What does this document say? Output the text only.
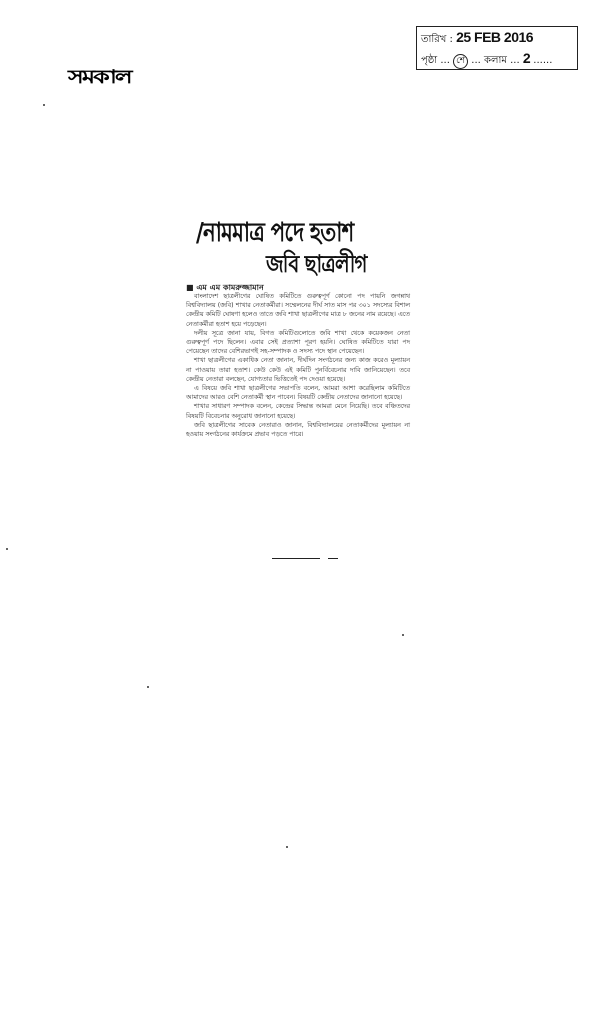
সমকাল
তারিখ : 25 FEB 2016
পৃষ্ঠা ... শে ... কলাম ... 2 ......
/নামমাত্র পদে হতাশ
জবি ছাত্রলীগ
■ এম এম কামরুজ্জামান

বাংলাদেশ ছাত্রলীগের ঘোষিত কমিটিতে গুরুত্বপূর্ণ কোনো পদ পায়নি জগন্নাথ বিশ্ববিদ্যালয় (জবি) শাখার নেতাকর্মীরা। সম্মেলনের দীর্ঘ সাত মাস পর ৩০১ সদস্যের বিশাল কেন্দ্রীয় কমিটি ঘোষণা হলেও তাতে জবি শাখা ছাত্রলীগের মাত্র ৮ জনের নাম রয়েছে। এতে নেতাকর্মীরা হতাশ হয়ে পড়েছেন।

দলীয় সূত্রে জানা যায়, বিগত কমিটিগুলোতে জবি শাখা থেকে কয়েকজন নেতা গুরুত্বপূর্ণ পদে ছিলেন। এবার সেই প্রত্যাশা পূরণ হয়নি। ঘোষিত কমিটিতে যারা পদ পেয়েছেন তাদের বেশিরভাগই সহ-সম্পাদক ও সদস্য পদে স্থান পেয়েছেন।

শাখা ছাত্রলীগের একাধিক নেতা জানান, দীর্ঘদিন সংগঠনের জন্য কাজ করেও মূল্যায়ন না পাওয়ায় তারা হতাশ। কেউ কেউ এই কমিটি পুনর্বিবেচনার দাবি জানিয়েছেন। তবে কেন্দ্রীয় নেতারা বলছেন, যোগ্যতার ভিত্তিতেই পদ দেওয়া হয়েছে।

এ বিষয়ে জবি শাখা ছাত্রলীগের সভাপতি বলেন, আমরা আশা করেছিলাম কমিটিতে আমাদের আরও বেশি নেতাকর্মী স্থান পাবেন। বিষয়টি কেন্দ্রীয় নেতাদের জানানো হয়েছে।

শাখার সাধারণ সম্পাদক বলেন, কেন্দ্রের সিদ্ধান্ত আমরা মেনে নিয়েছি। তবে বঞ্চিতদের বিষয়টি বিবেচনার অনুরোধ জানানো হয়েছে।

জবি ছাত্রলীগের সাবেক নেতারাও জানান, বিশ্ববিদ্যালয়ের নেতাকর্মীদের মূল্যায়ন না হওয়ায় সংগঠনের কার্যক্রমে প্রভাব পড়তে পারে।
